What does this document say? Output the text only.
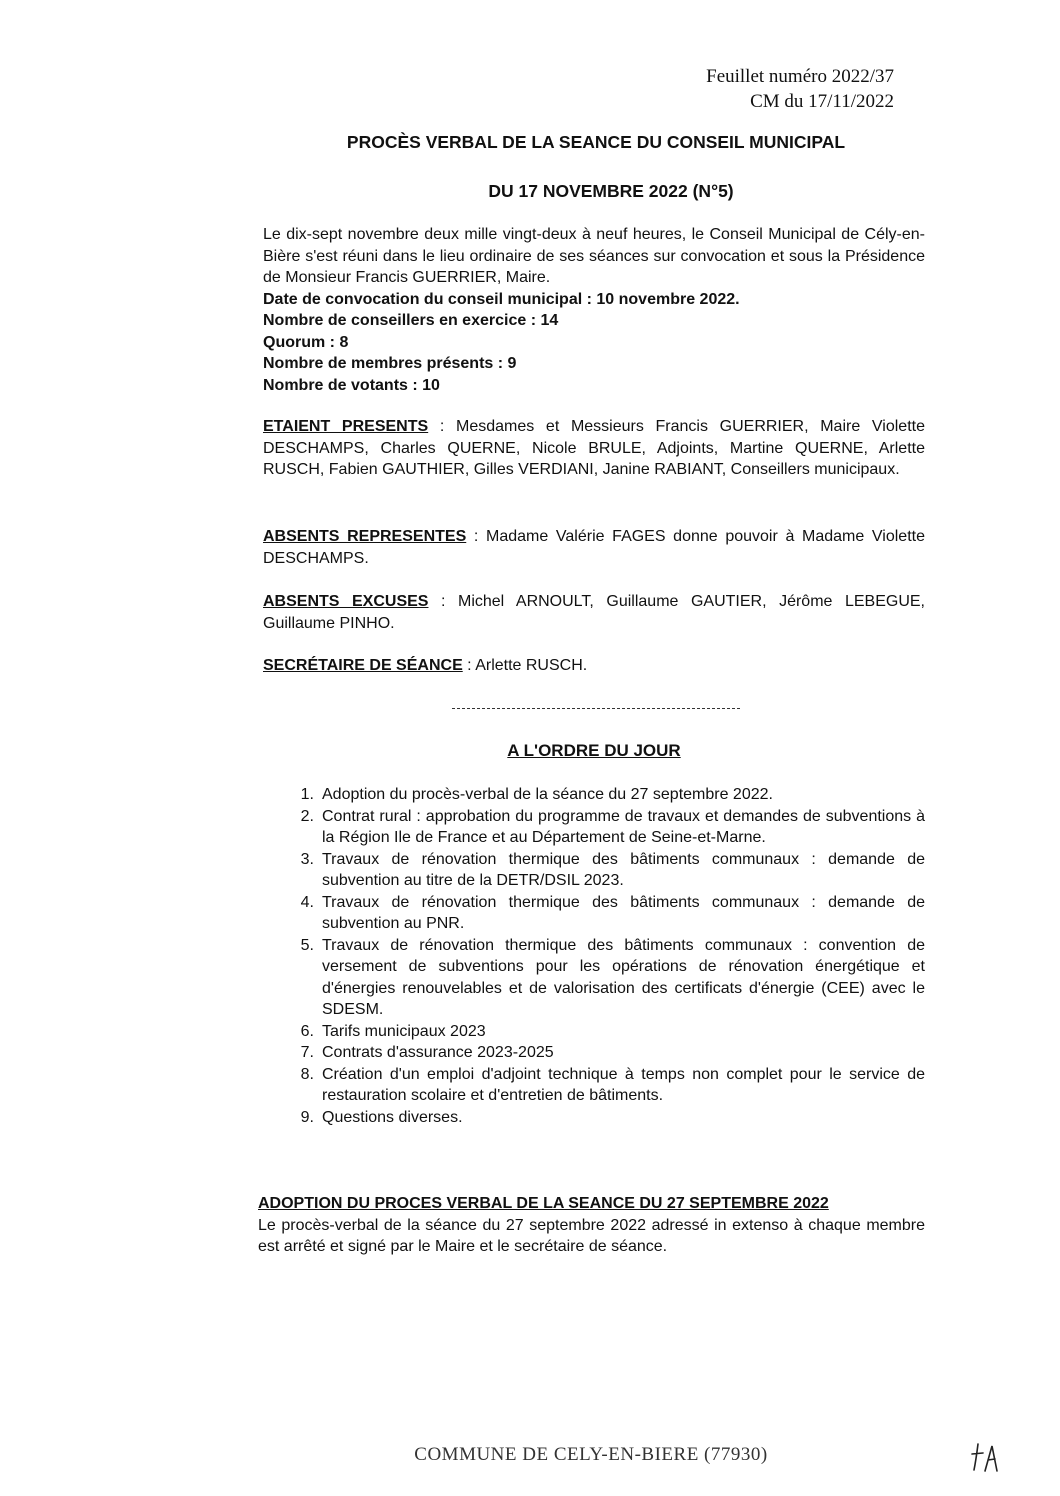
Feuillet numéro 2022/37
CM du 17/11/2022
PROCÈS VERBAL DE LA SEANCE DU CONSEIL MUNICIPAL
DU 17 NOVEMBRE 2022 (N°5)
Le dix-sept novembre deux mille vingt-deux à neuf heures, le Conseil Municipal de Cély-en-Bière s'est réuni dans le lieu ordinaire de ses séances sur convocation et sous la Présidence de Monsieur Francis GUERRIER, Maire.
Date de convocation du conseil municipal : 10 novembre 2022.
Nombre de conseillers en exercice : 14
Quorum : 8
Nombre de membres présents : 9
Nombre de votants : 10
ETAIENT PRESENTS : Mesdames et Messieurs Francis GUERRIER, Maire Violette DESCHAMPS, Charles QUERNE, Nicole BRULE, Adjoints, Martine QUERNE, Arlette RUSCH, Fabien GAUTHIER, Gilles VERDIANI, Janine RABIANT, Conseillers municipaux.
ABSENTS REPRESENTES : Madame Valérie FAGES donne pouvoir à Madame Violette DESCHAMPS.
ABSENTS EXCUSES : Michel ARNOULT, Guillaume GAUTIER, Jérôme LEBEGUE, Guillaume PINHO.
SECRÉTAIRE DE SÉANCE : Arlette RUSCH.
A L'ORDRE DU JOUR
1. Adoption du procès-verbal de la séance du 27 septembre 2022.
2. Contrat rural : approbation du programme de travaux et demandes de subventions à la Région Ile de France et au Département de Seine-et-Marne.
3. Travaux de rénovation thermique des bâtiments communaux : demande de subvention au titre de la DETR/DSIL 2023.
4. Travaux de rénovation thermique des bâtiments communaux : demande de subvention au PNR.
5. Travaux de rénovation thermique des bâtiments communaux : convention de versement de subventions pour les opérations de rénovation énergétique et d'énergies renouvelables et de valorisation des certificats d'énergie (CEE) avec le SDESM.
6. Tarifs municipaux 2023
7. Contrats d'assurance 2023-2025
8. Création d'un emploi d'adjoint technique à temps non complet pour le service de restauration scolaire et d'entretien de bâtiments.
9. Questions diverses.
ADOPTION DU PROCES VERBAL DE LA SEANCE DU 27 SEPTEMBRE 2022
Le procès-verbal de la séance du 27 septembre 2022 adressé in extenso à chaque membre est arrêté et signé par le Maire et le secrétaire de séance.
COMMUNE DE CELY-EN-BIERE (77930)
